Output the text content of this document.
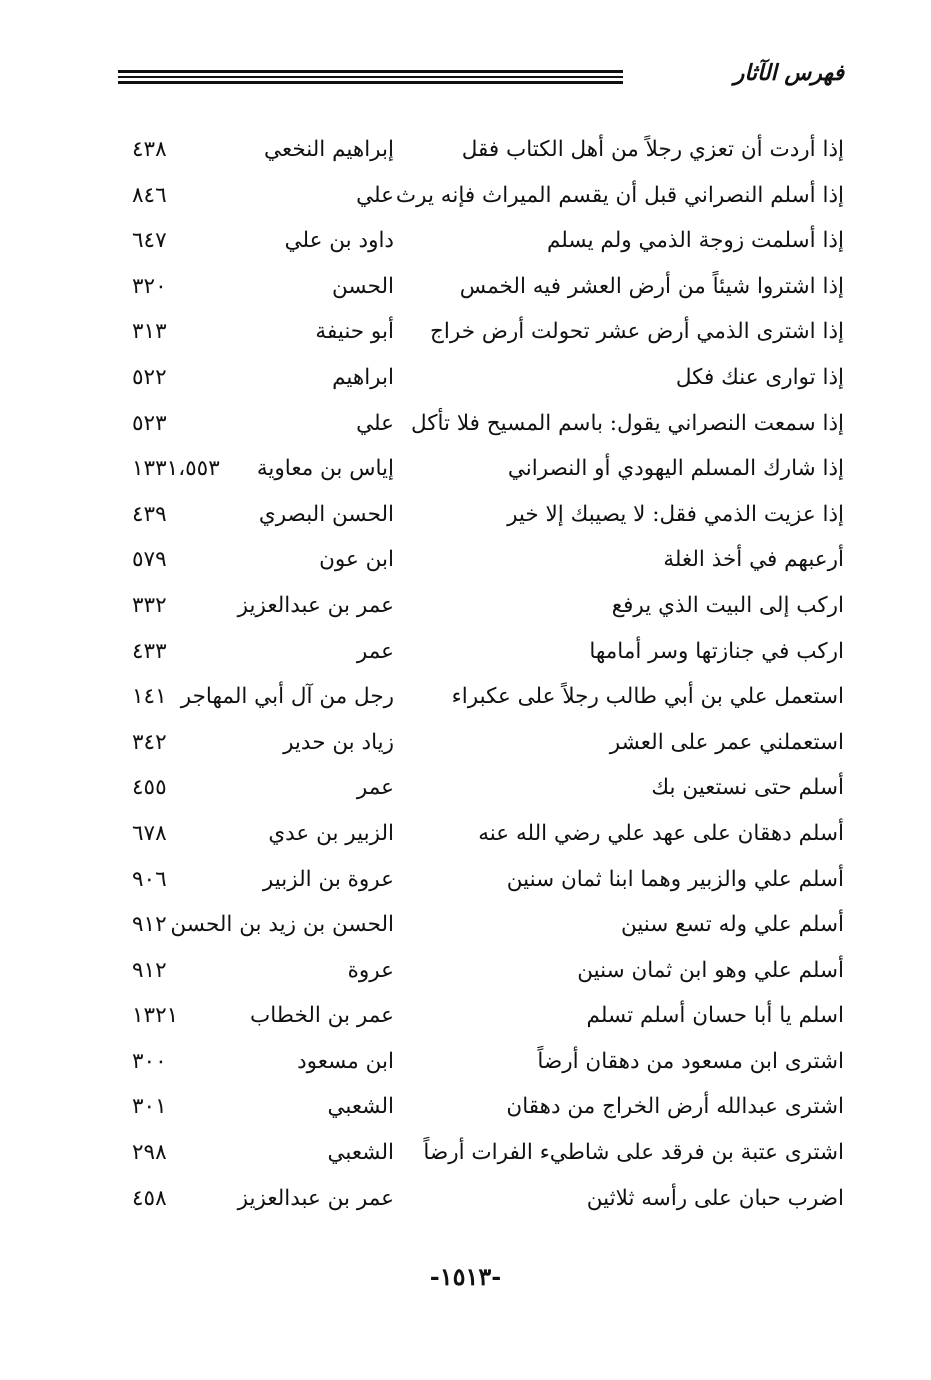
فهرس الآثار
إذا أردت أن تعزي رجلاً من أهل الكتاب فقل
إبراهيم النخعي
٤٣٨
إذا أسلم النصراني قبل أن يقسم الميراث فإنه يرث
علي
٨٤٦
إذا أسلمت زوجة الذمي ولم يسلم
داود بن علي
٦٤٧
إذا اشتروا شيئاً من أرض العشر فيه الخمس
الحسن
٣٢٠
إذا اشترى الذمي أرض عشر تحولت أرض خراج
أبو حنيفة
٣١٣
إذا توارى عنك فكل
ابراهيم
٥٢٢
إذا سمعت النصراني يقول: باسم المسيح فلا تأكل
علي
٥٢٣
إذا شارك المسلم اليهودي أو النصراني
إياس بن معاوية
١٣٣١،٥٥٣
إذا عزيت الذمي فقل: لا يصيبك إلا خير
الحسن البصري
٤٣٩
أرعبهم في أخذ الغلة
ابن عون
٥٧٩
اركب إلى البيت الذي يرفع
عمر بن عبدالعزيز
٣٣٢
اركب في جنازتها وسر أمامها
عمر
٤٣٣
استعمل علي بن أبي طالب رجلاً على عكبراء
رجل من آل أبي المهاجر
١٤١
استعملني عمر على العشر
زياد بن حدير
٣٤٢
أسلم حتى نستعين بك
عمر
٤٥٥
أسلم دهقان على عهد علي رضي الله عنه
الزبير بن عدي
٦٧٨
أسلم علي والزبير وهما ابنا ثمان سنين
عروة بن الزبير
٩٠٦
أسلم علي وله تسع سنين
الحسن بن زيد بن الحسن
٩١٢
أسلم علي وهو ابن ثمان سنين
عروة
٩١٢
اسلم يا أبا حسان أسلم تسلم
عمر بن الخطاب
١٣٢١
اشترى ابن مسعود من دهقان أرضاً
ابن مسعود
٣٠٠
اشترى عبدالله أرض الخراج من دهقان
الشعبي
٣٠١
اشترى عتبة بن فرقد على شاطيء الفرات أرضاً
الشعبي
٢٩٨
اضرب حبان على رأسه ثلاثين
عمر بن عبدالعزيز
٤٥٨
-١٥١٣-
